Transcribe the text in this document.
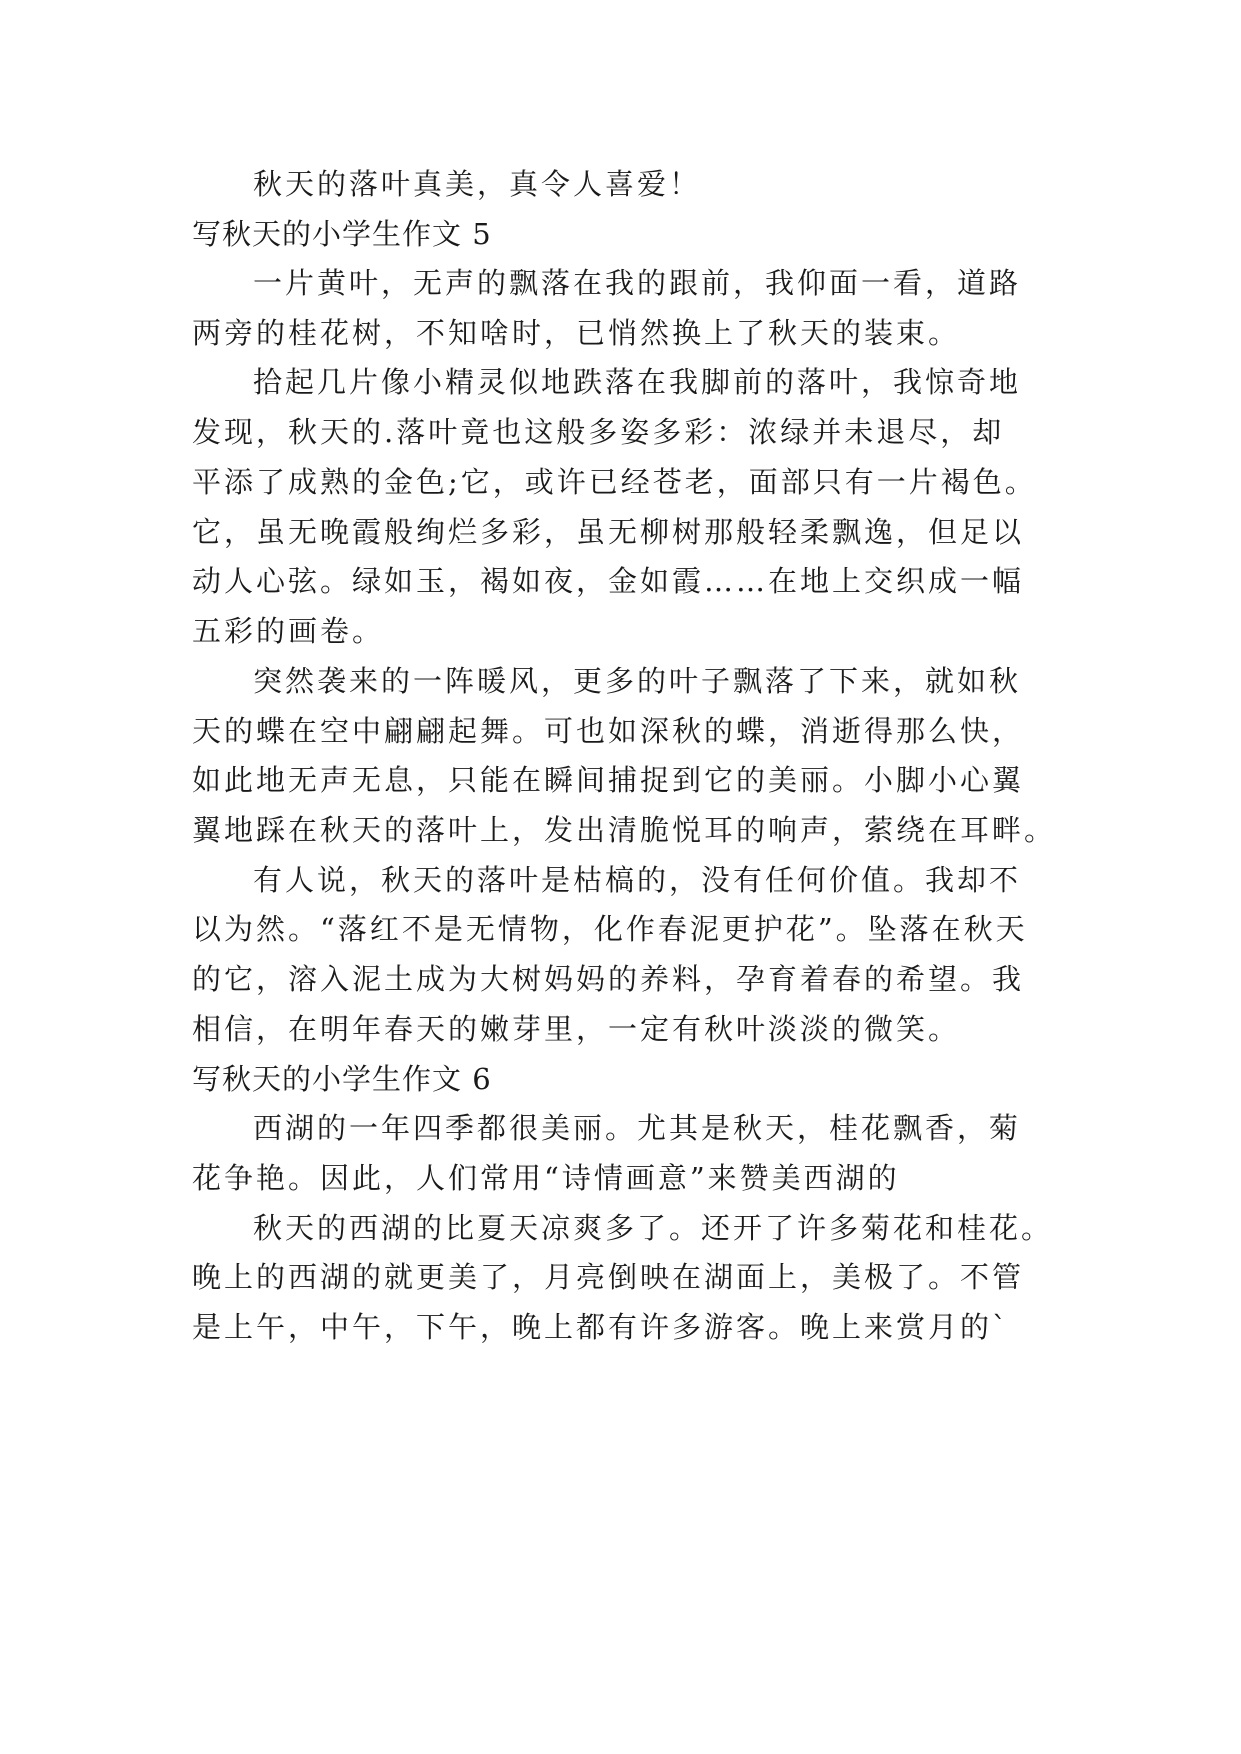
秋天的落叶真美，真令人喜爱！
写秋天的小学生作文 5
一片黄叶，无声的飘落在我的跟前，我仰面一看，道路
两旁的桂花树，不知啥时，已悄然换上了秋天的装束。
拾起几片像小精灵似地跌落在我脚前的落叶，我惊奇地
发现，秋天的.落叶竟也这般多姿多彩：浓绿并未退尽，却
平添了成熟的金色;它，或许已经苍老，面部只有一片褐色。
它，虽无晚霞般绚烂多彩，虽无柳树那般轻柔飘逸，但足以
动人心弦。绿如玉，褐如夜，金如霞……在地上交织成一幅
五彩的画卷。
突然袭来的一阵暖风，更多的叶子飘落了下来，就如秋
天的蝶在空中翩翩起舞。可也如深秋的蝶，消逝得那么快，
如此地无声无息，只能在瞬间捕捉到它的美丽。小脚小心翼
翼地踩在秋天的落叶上，发出清脆悦耳的响声，萦绕在耳畔。
有人说，秋天的落叶是枯槁的，没有任何价值。我却不
以为然。“落红不是无情物，化作春泥更护花”。坠落在秋天
的它，溶入泥土成为大树妈妈的养料，孕育着春的希望。我
相信，在明年春天的嫩芽里，一定有秋叶淡淡的微笑。
写秋天的小学生作文 6
西湖的一年四季都很美丽。尤其是秋天，桂花飘香，菊
花争艳。因此，人们常用“诗情画意”来赞美西湖的
秋天的西湖的比夏天凉爽多了。还开了许多菊花和桂花。
晚上的西湖的就更美了，月亮倒映在湖面上，美极了。不管
是上午，中午，下午，晚上都有许多游客。晚上来赏月的`
